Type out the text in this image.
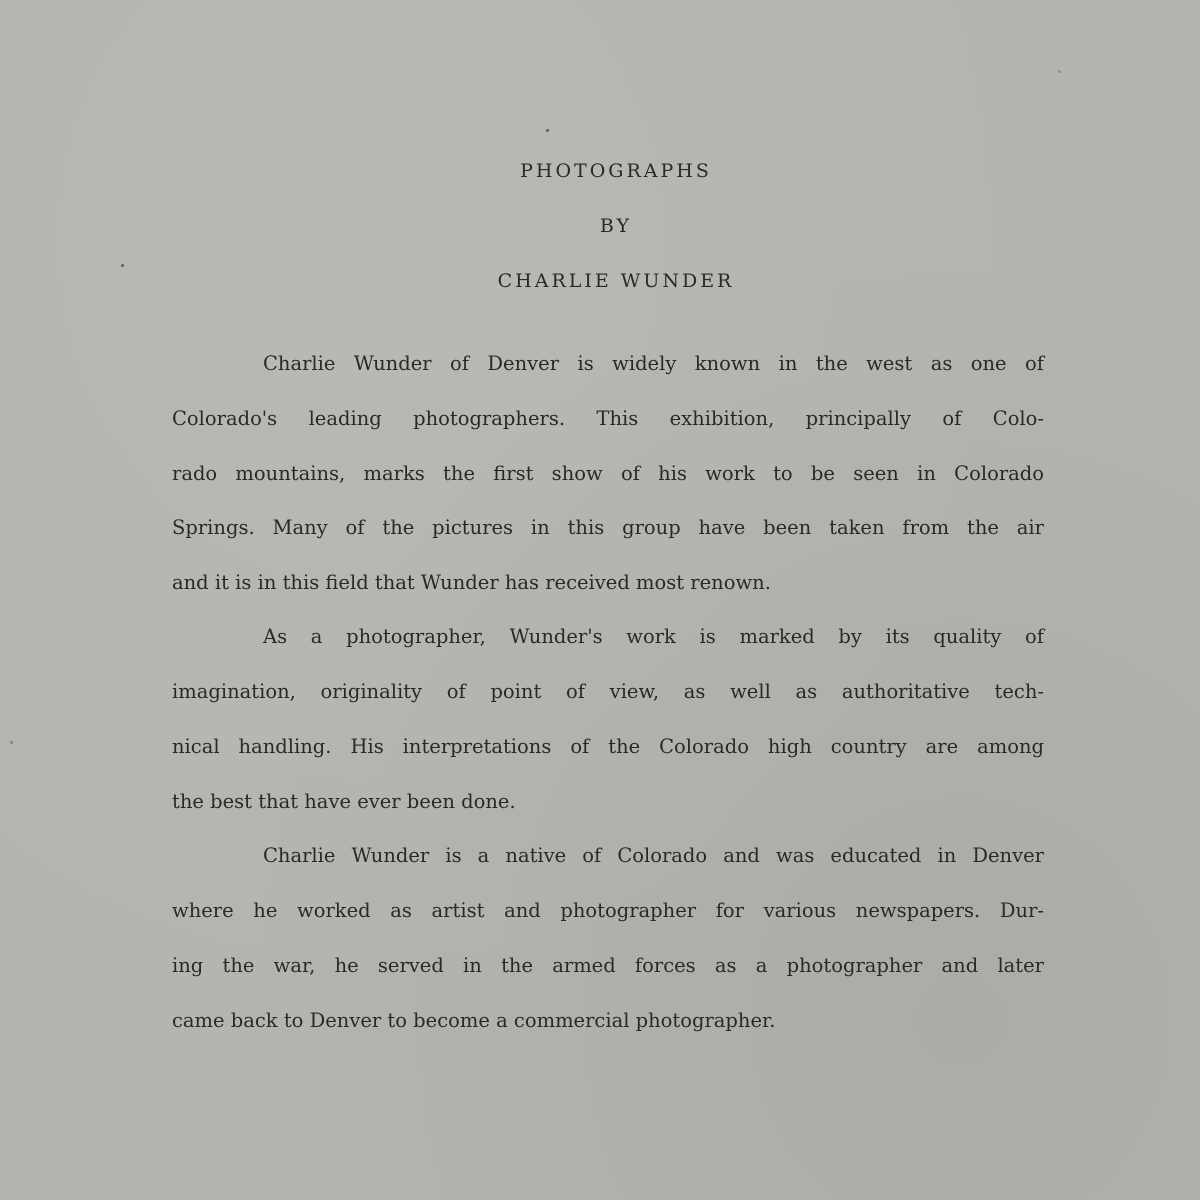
PHOTOGRAPHS
BY
CHARLIE WUNDER
Charlie Wunder of Denver is widely known in the west as one of
Colorado's leading photographers. This exhibition, principally of Colo-
rado mountains, marks the first show of his work to be seen in Colorado
Springs. Many of the pictures in this group have been taken from the air
and it is in this field that Wunder has received most renown.
As a photographer, Wunder's work is marked by its quality of
imagination, originality of point of view, as well as authoritative tech-
nical handling. His interpretations of the Colorado high country are among
the best that have ever been done.
Charlie Wunder is a native of Colorado and was educated in Denver
where he worked as artist and photographer for various newspapers. Dur-
ing the war, he served in the armed forces as a photographer and later
came back to Denver to become a commercial photographer.
